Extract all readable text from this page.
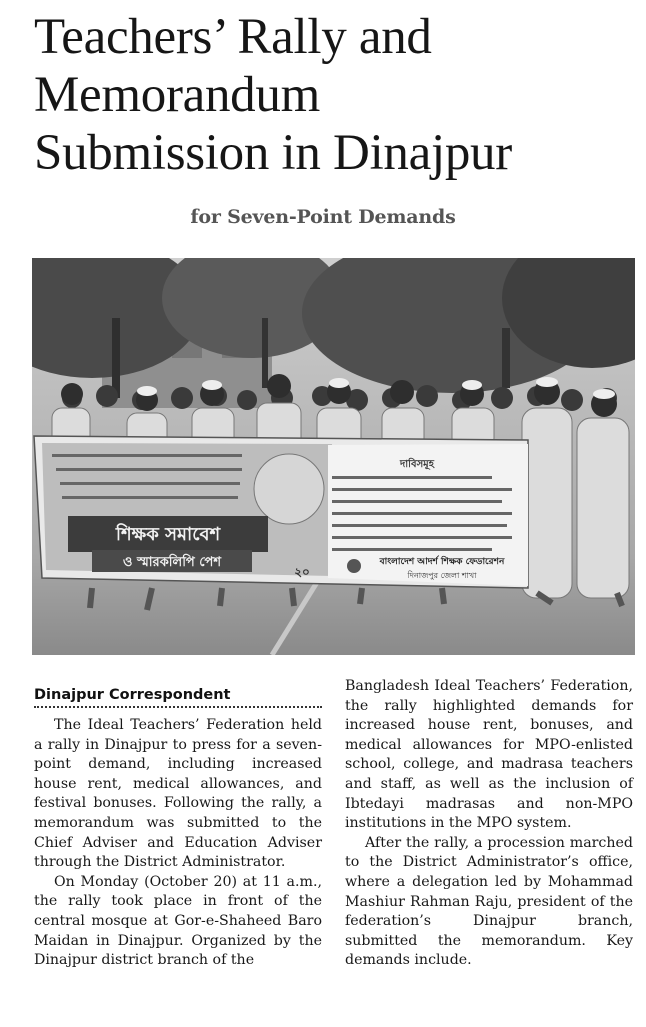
Teachers’ Rally and
Memorandum
Submission in Dinajpur
for Seven-Point Demands
দাবিসমূহ
শিক্ষক সমাবেশ
ও স্মারকলিপি পেশ
২০
বাংলাদেশ আদর্শ শিক্ষক ফেডারেশন
দিনাজপুর জেলা শাখা
Dinajpur Correspondent

The Ideal Teachers’ Federation held a rally in Dinajpur to press for a seven-point demand, including increased house rent, medical allowances, and festival bonuses. Following the rally, a memorandum was submitted to the Chief Adviser and Education Adviser through the District Administrator.

On Monday (October 20) at 11 a.m., the rally took place in front of the central mosque at Gor-e-Shaheed Baro Maidan in Dinajpur. Organized by the Dinajpur district branch of the

Bangladesh Ideal Teachers’ Federation, the rally highlighted demands for increased house rent, bonuses, and medical allowances for MPO-enlisted school, college, and madrasa teachers and staff, as well as the inclusion of Ibtedayi madrasas and non-MPO institutions in the MPO system.

After the rally, a procession marched to the District Administrator’s office, where a delegation led by Mohammad Mashiur Rahman Raju, president of the federation’s Dinajpur branch, submitted the memorandum. Key demands include.
